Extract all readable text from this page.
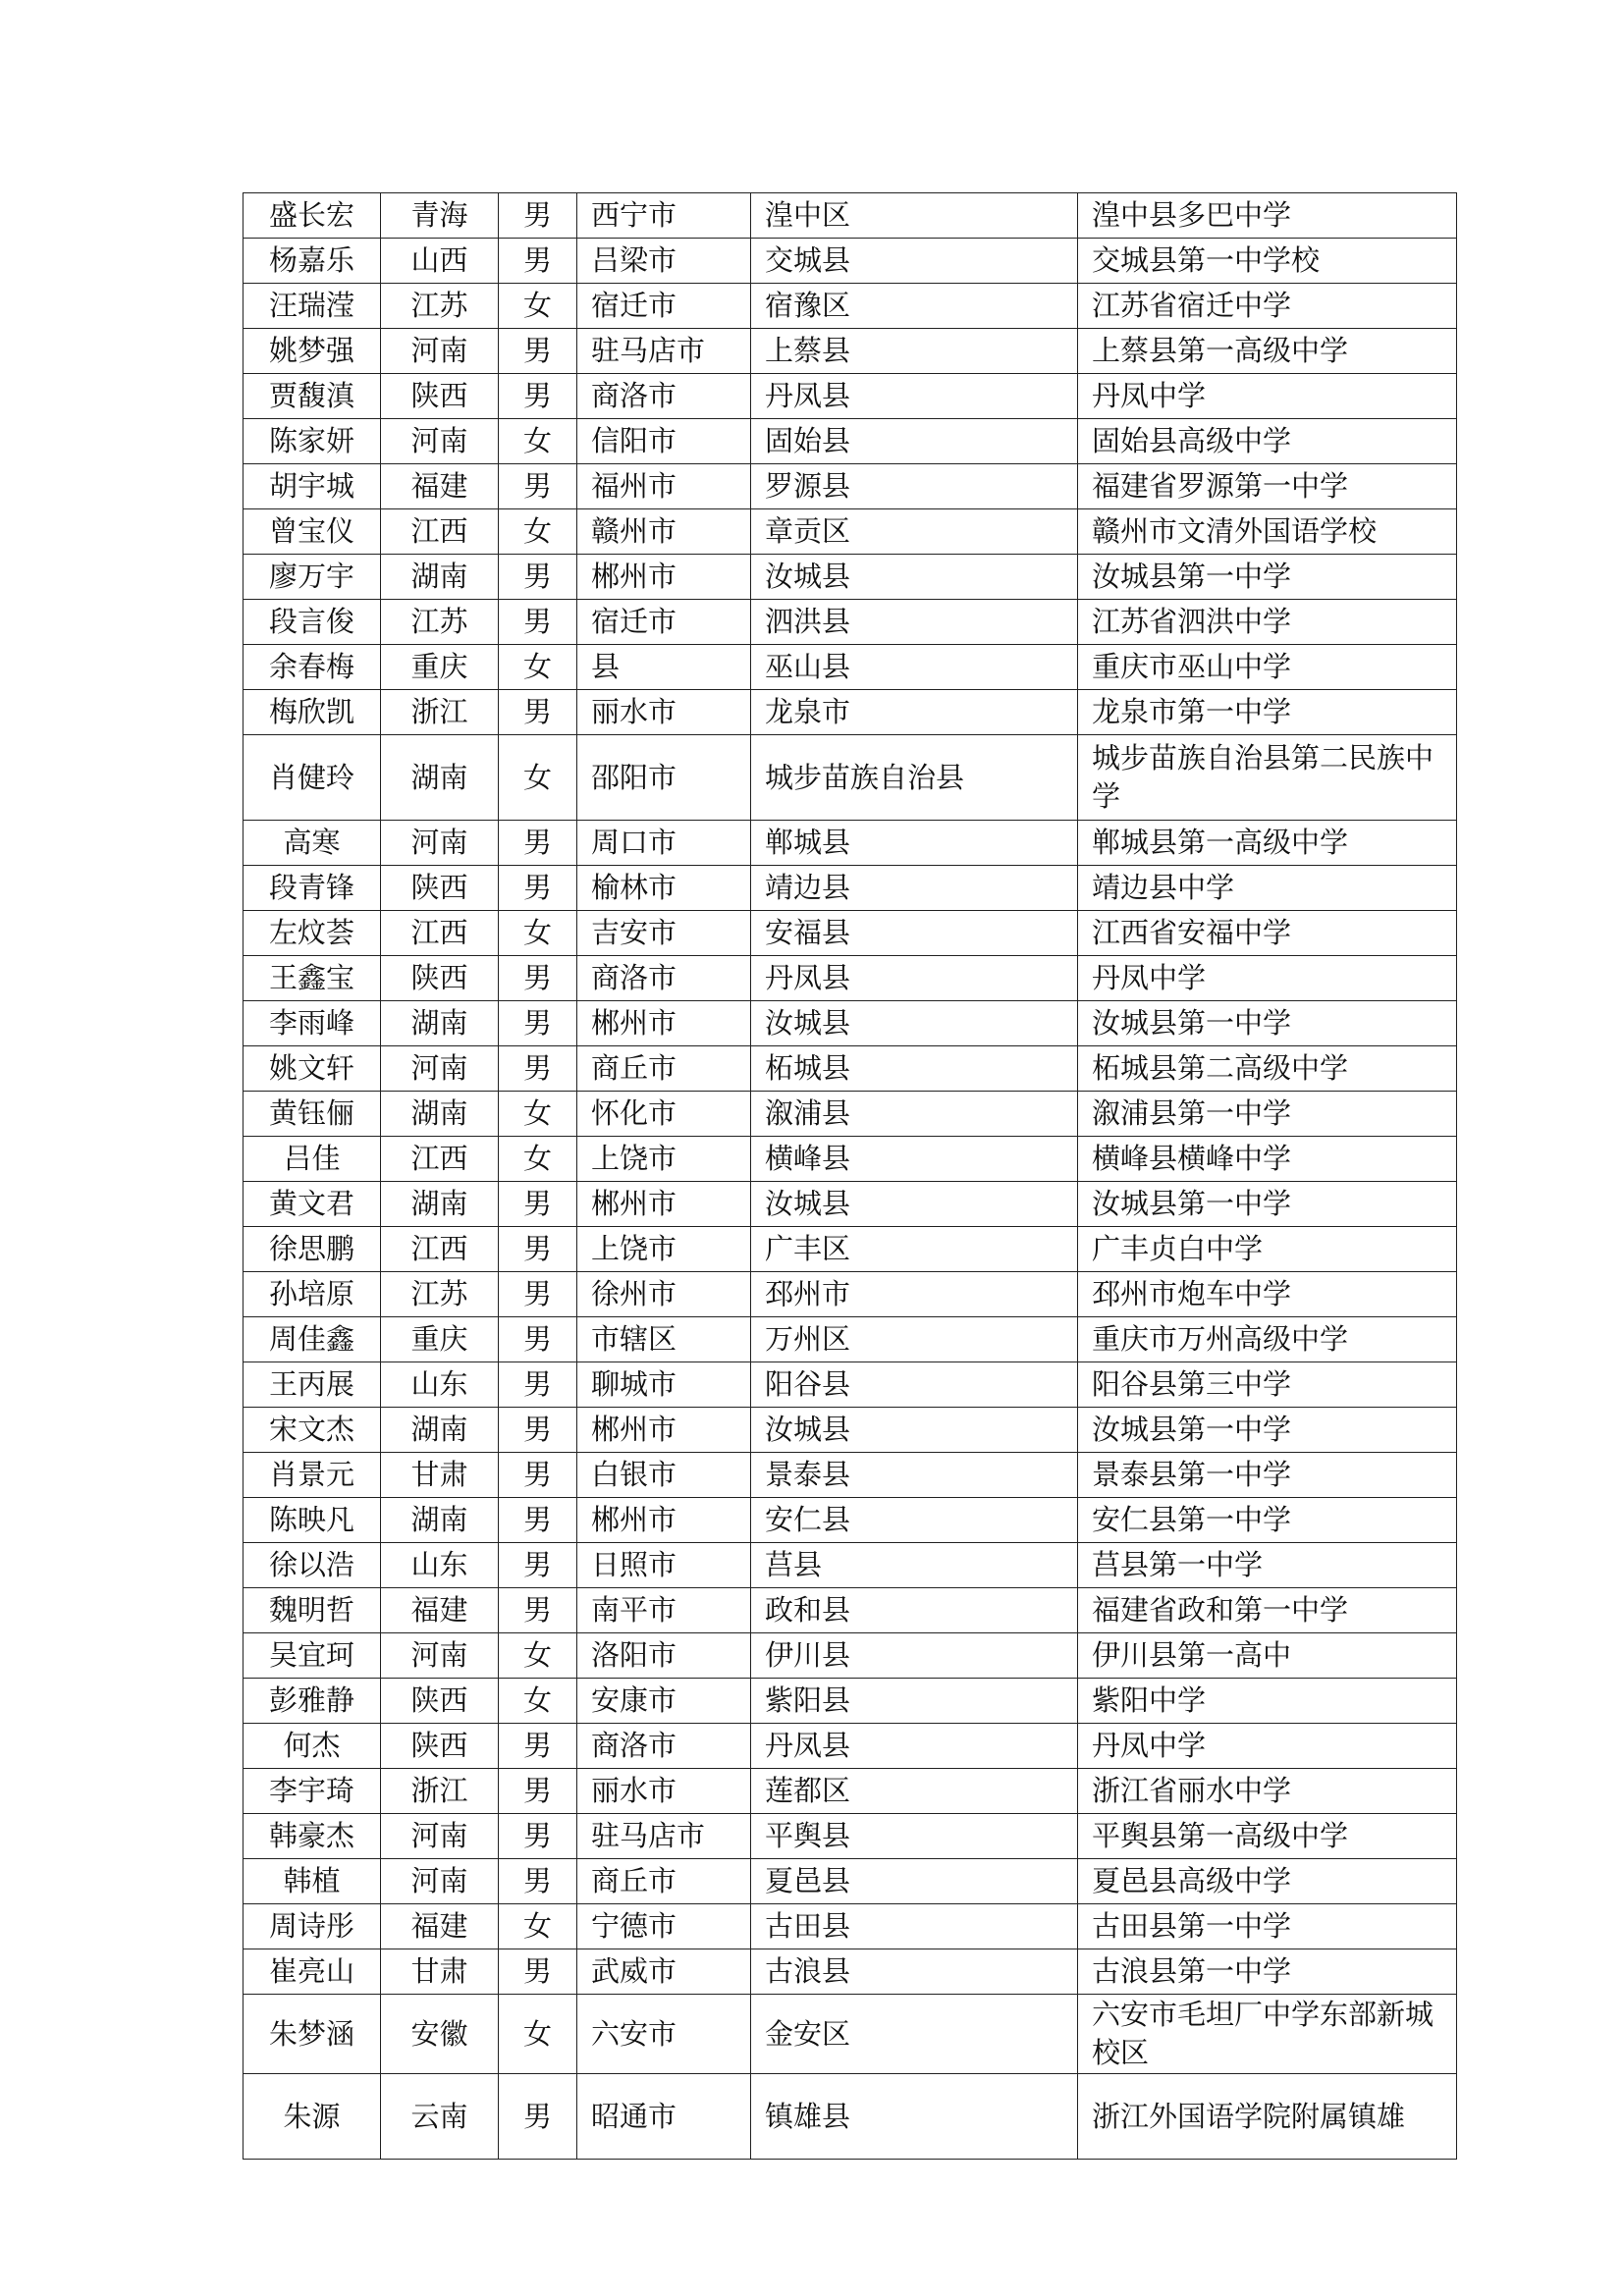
盛长宏	青海	男	西宁市	湟中区	湟中县多巴中学
杨嘉乐	山西	男	吕梁市	交城县	交城县第一中学校
汪瑞滢	江苏	女	宿迁市	宿豫区	江苏省宿迁中学
姚梦强	河南	男	驻马店市	上蔡县	上蔡县第一高级中学
贾馥滇	陕西	男	商洛市	丹凤县	丹凤中学
陈家妍	河南	女	信阳市	固始县	固始县高级中学
胡宇城	福建	男	福州市	罗源县	福建省罗源第一中学
曾宝仪	江西	女	赣州市	章贡区	赣州市文清外国语学校
廖万宇	湖南	男	郴州市	汝城县	汝城县第一中学
段言俊	江苏	男	宿迁市	泗洪县	江苏省泗洪中学
余春梅	重庆	女	县	巫山县	重庆市巫山中学
梅欣凯	浙江	男	丽水市	龙泉市	龙泉市第一中学
肖健玲	湖南	女	邵阳市	城步苗族自治县	城步苗族自治县第二民族中学
高寒	河南	男	周口市	郸城县	郸城县第一高级中学
段青锋	陕西	男	榆林市	靖边县	靖边县中学
左炆荟	江西	女	吉安市	安福县	江西省安福中学
王鑫宝	陕西	男	商洛市	丹凤县	丹凤中学
李雨峰	湖南	男	郴州市	汝城县	汝城县第一中学
姚文轩	河南	男	商丘市	柘城县	柘城县第二高级中学
黄钰俪	湖南	女	怀化市	溆浦县	溆浦县第一中学
吕佳	江西	女	上饶市	横峰县	横峰县横峰中学
黄文君	湖南	男	郴州市	汝城县	汝城县第一中学
徐思鹏	江西	男	上饶市	广丰区	广丰贞白中学
孙培原	江苏	男	徐州市	邳州市	邳州市炮车中学
周佳鑫	重庆	男	市辖区	万州区	重庆市万州高级中学
王丙展	山东	男	聊城市	阳谷县	阳谷县第三中学
宋文杰	湖南	男	郴州市	汝城县	汝城县第一中学
肖景元	甘肃	男	白银市	景泰县	景泰县第一中学
陈映凡	湖南	男	郴州市	安仁县	安仁县第一中学
徐以浩	山东	男	日照市	莒县	莒县第一中学
魏明哲	福建	男	南平市	政和县	福建省政和第一中学
吴宜珂	河南	女	洛阳市	伊川县	伊川县第一高中
彭雅静	陕西	女	安康市	紫阳县	紫阳中学
何杰	陕西	男	商洛市	丹凤县	丹凤中学
李宇琦	浙江	男	丽水市	莲都区	浙江省丽水中学
韩豪杰	河南	男	驻马店市	平舆县	平舆县第一高级中学
韩植	河南	男	商丘市	夏邑县	夏邑县高级中学
周诗彤	福建	女	宁德市	古田县	古田县第一中学
崔亮山	甘肃	男	武威市	古浪县	古浪县第一中学
朱梦涵	安徽	女	六安市	金安区	六安市毛坦厂中学东部新城校区
朱源	云南	男	昭通市	镇雄县	浙江外国语学院附属镇雄
